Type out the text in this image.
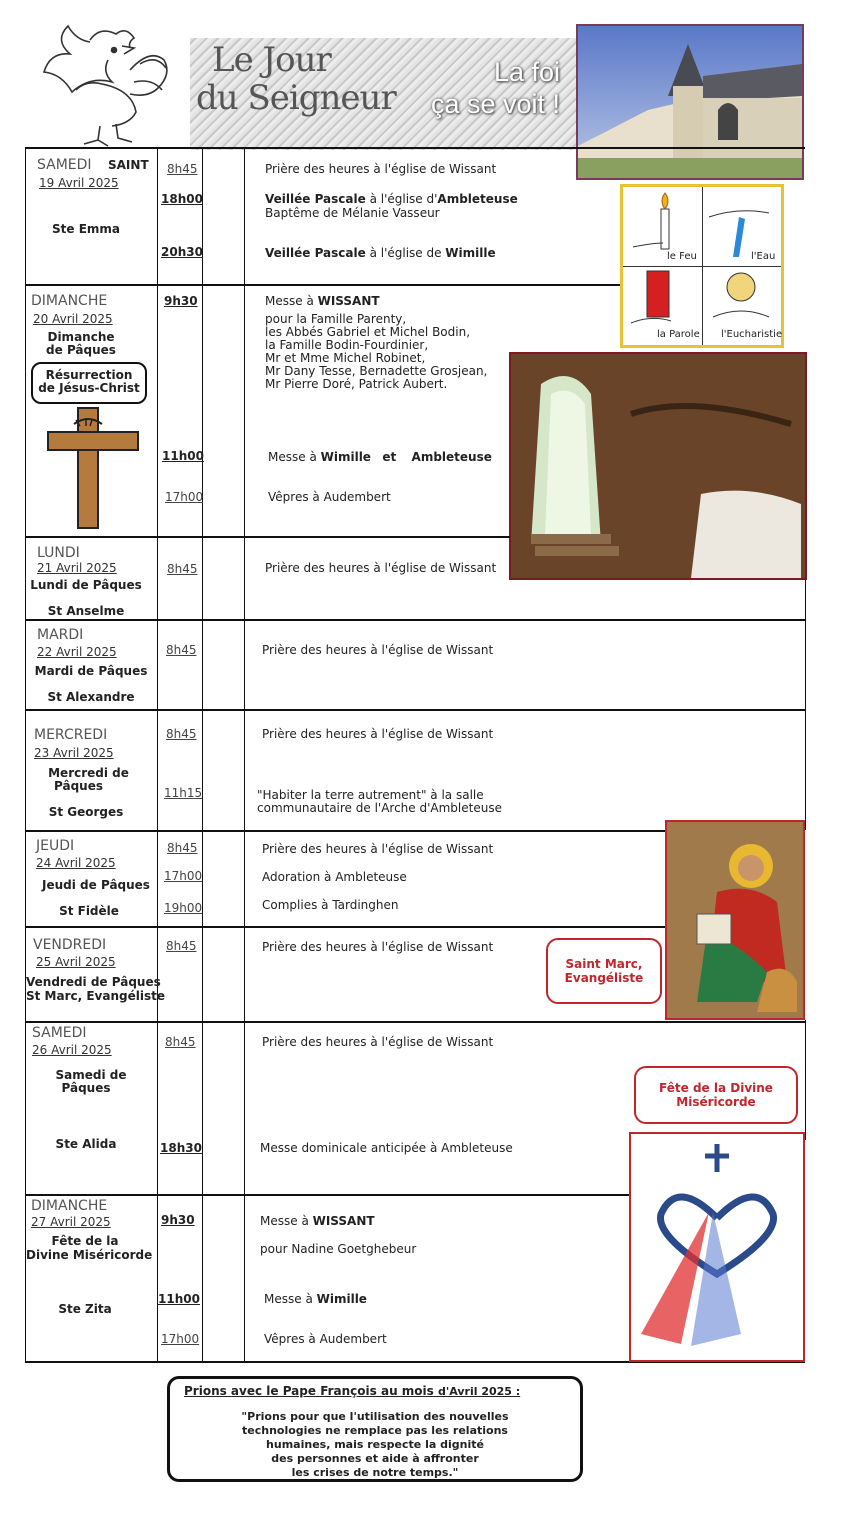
Le Jour
du Seigneur
La foi
ça se voit !
le Feu	l'Eau
la Parole l'Eucharistie
SAMEDI SAINT
19 Avril 2025
Ste Emma
8h45	Prière des heures à l'église de Wissant
18h00	Veillée Pascale à l'église d'Ambleteuse
Baptême de Mélanie Vasseur
20h30	Veillée Pascale à l'église de Wimille
DIMANCHE
20 Avril 2025
Dimanche
de Pâques
Résurrection
de Jésus-Christ
9h30	Messe à WISSANT
pour la Famille Parenty,
les Abbés Gabriel et Michel Bodin,
la Famille Bodin-Fourdinier,
Mr et Mme Michel Robinet,
Mr Dany Tesse, Bernadette Grosjean,
Mr Pierre Doré, Patrick Aubert.
11h00	Messe à Wimille et Ambleteuse
17h00	Vêpres à Audembert
LUNDI
21 Avril 2025
Lundi de Pâques
St Anselme
8h45	Prière des heures à l'église de Wissant
MARDI
22 Avril 2025
Mardi de Pâques
St Alexandre
8h45	Prière des heures à l'église de Wissant
MERCREDI
23 Avril 2025
Mercredi de
Pâques
St Georges
8h45	Prière des heures à l'église de Wissant
11h15	"Habiter la terre autrement" à la salle
communautaire de l'Arche d'Ambleteuse
JEUDI
24 Avril 2025
Jeudi de Pâques
St Fidèle
8h45	Prière des heures à l'église de Wissant
17h00	Adoration à Ambleteuse
19h00	Complies à Tardinghen
VENDREDI
25 Avril 2025
Vendredi de Pâques
St Marc, Evangéliste
8h45	Prière des heures à l'église de Wissant
Saint Marc,
Evangéliste
SAMEDI
26 Avril 2025
Samedi de
Pâques
Ste Alida
8h45	Prière des heures à l'église de Wissant
18h30	Messe dominicale anticipée à Ambleteuse
Fête de la Divine
Miséricorde
DIMANCHE
27 Avril 2025
Fête de la
Divine Miséricorde
Ste Zita
9h30	Messe à WISSANT
pour Nadine Goetghebeur
11h00	Messe à Wimille
17h00	Vêpres à Audembert
Prions avec le Pape François au mois d'Avril 2025 :
"Prions pour que l'utilisation des nouvelles
technologies ne remplace pas les relations
humaines, mais respecte la dignité
des personnes et aide à affronter
les crises de notre temps."
